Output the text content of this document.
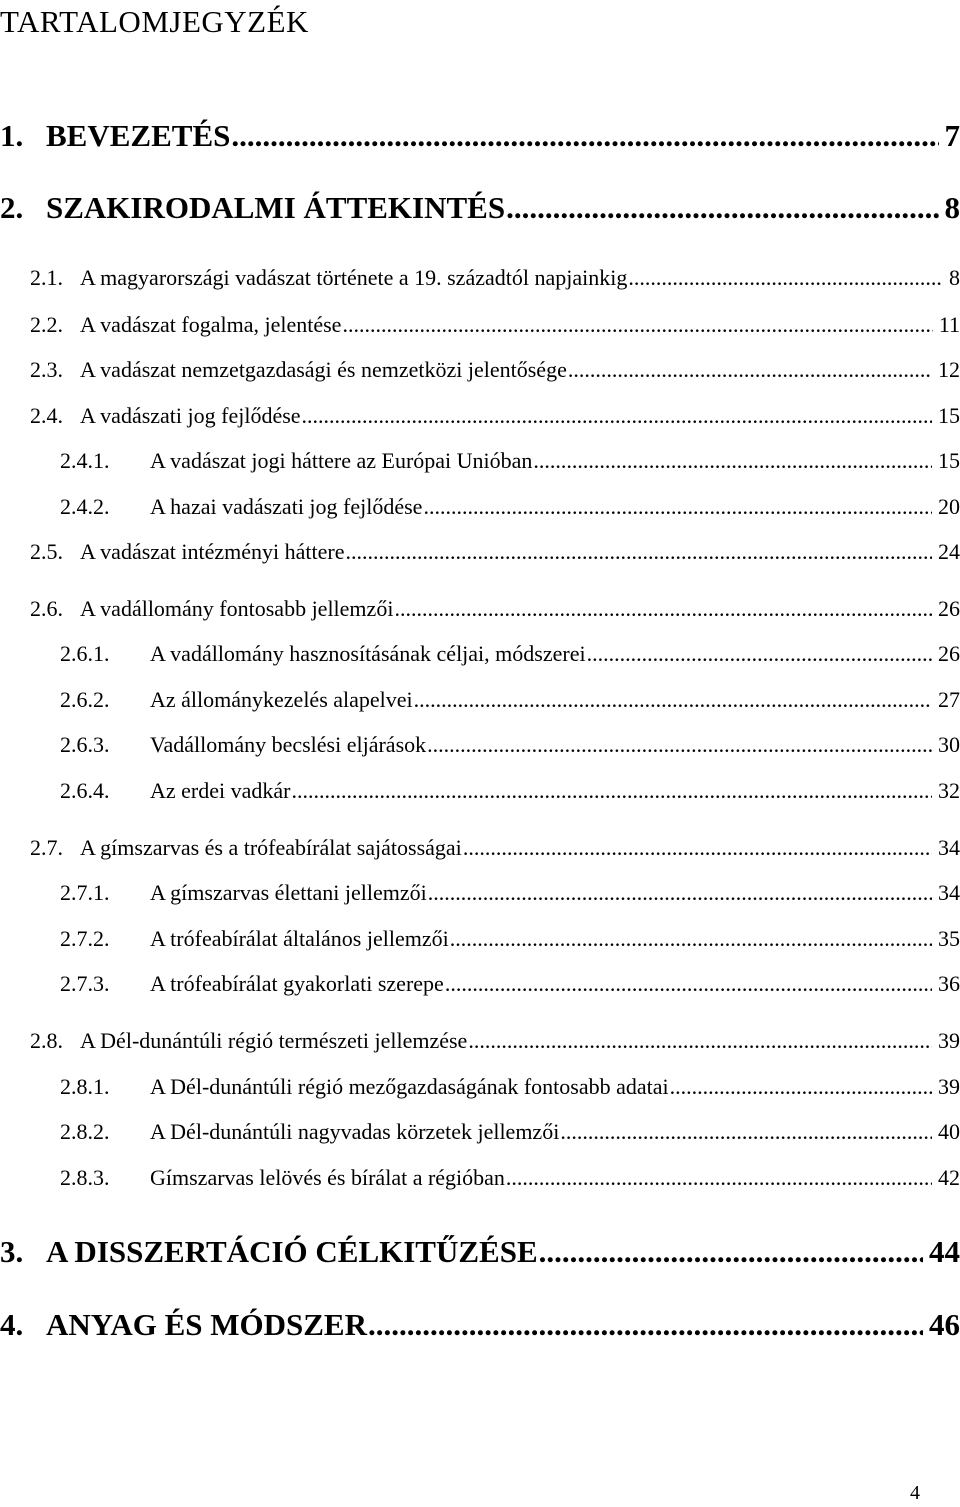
TARTALOMJEGYZÉK
1. BEVEZETÉS .....	7
2. SZAKIRODALMI ÁTTEKINTÉS .....	8
2.1. A magyarországi vadászat története a 19. századtól napjainkig .....	8
2.2. A vadászat fogalma, jelentése .....	11
2.3. A vadászat nemzetgazdasági és nemzetközi jelentősége .....	12
2.4. A vadászati jog fejlődése .....	15
2.4.1.	A vadászat jogi háttere az Európai Unióban .....	15
2.4.2.	A hazai vadászati jog fejlődése .....	20
2.5. A vadászat intézményi háttere .....	24
2.6. A vadállomány fontosabb jellemzői .....	26
2.6.1.	A vadállomány hasznosításának céljai, módszerei .....	26
2.6.2.	Az állománykezelés alapelvei .....	27
2.6.3.	Vadállomány becslési eljárások .....	30
2.6.4.	Az erdei vadkár .....	32
2.7. A gímszarvas és a trófeabírálat sajátosságai .....	34
2.7.1.	A gímszarvas élettani jellemzői .....	34
2.7.2.	A trófeabírálat általános jellemzői .....	35
2.7.3.	A trófeabírálat gyakorlati szerepe .....	36
2.8. A Dél-dunántúli régió természeti jellemzése .....	39
2.8.1.	A Dél-dunántúli régió mezőgazdaságának fontosabb adatai .....	39
2.8.2.	A Dél-dunántúli nagyvadas körzetek jellemzői .....	40
2.8.3.	Gímszarvas lelövés és bírálat a régióban .....	42
3. A DISSZERTÁCIÓ CÉLKITŰZÉSE .....	44
4. ANYAG ÉS MÓDSZER .....	46
4
